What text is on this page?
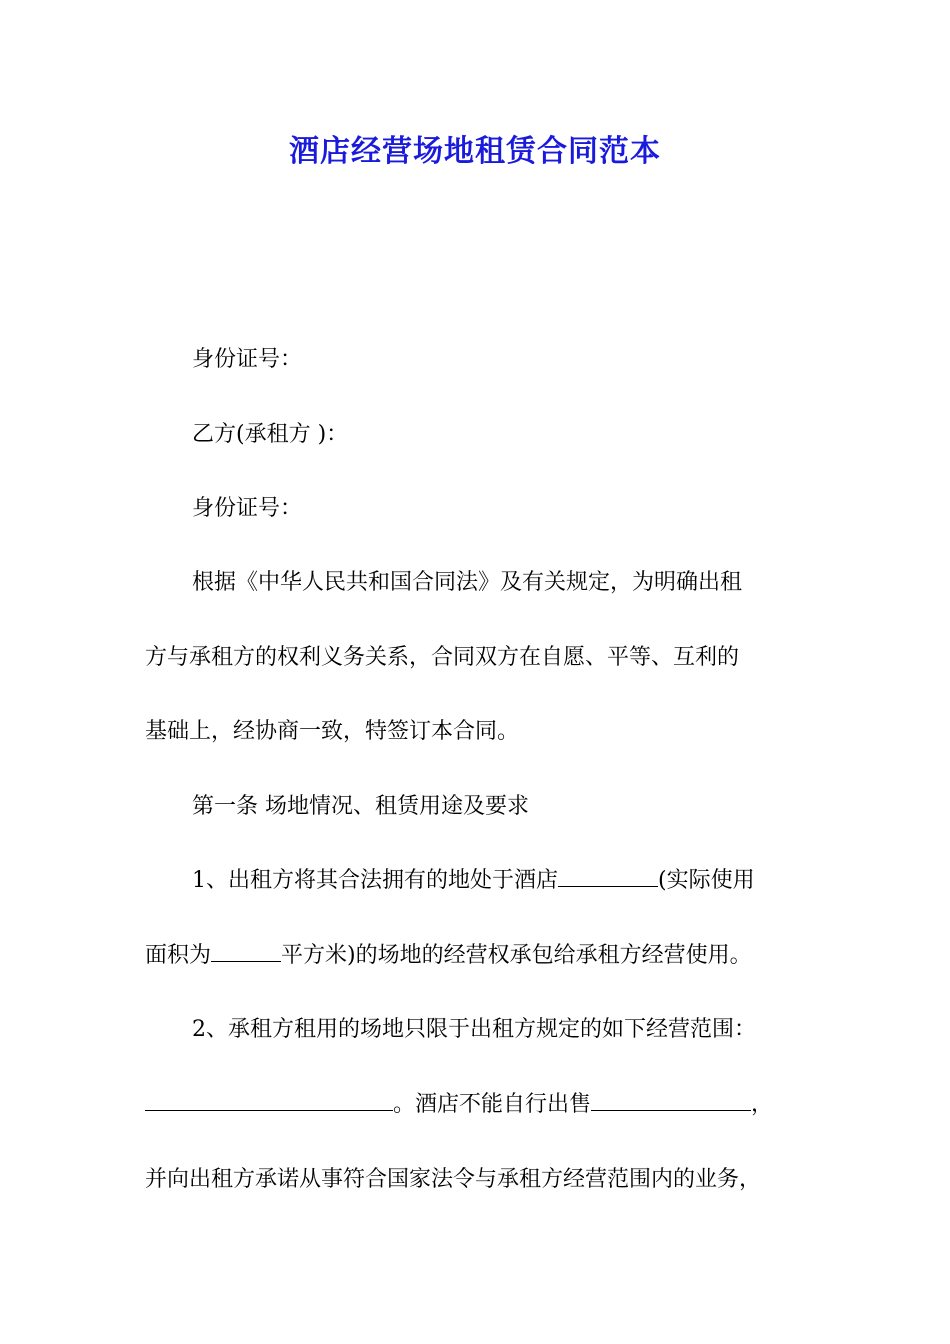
酒店经营场地租赁合同范本
身份证号：
乙方(承租方 )：
身份证号：
根据《中华人民共和国合同法》及有关规定，为明确出租
方与承租方的权利义务关系，合同双方在自愿、平等、互利的
基础上，经协商一致，特签订本合同。
第一条 场地情况、租赁用途及要求
1、出租方将其合法拥有的地处于酒店	(实际使用
面积为	平方米)的场地的经营权承包给承租方经营使用。
2、承租方租用的场地只限于出租方规定的如下经营范围：
。酒店不能自行出售	，
并向出租方承诺从事符合国家法令与承租方经营范围内的业务，
